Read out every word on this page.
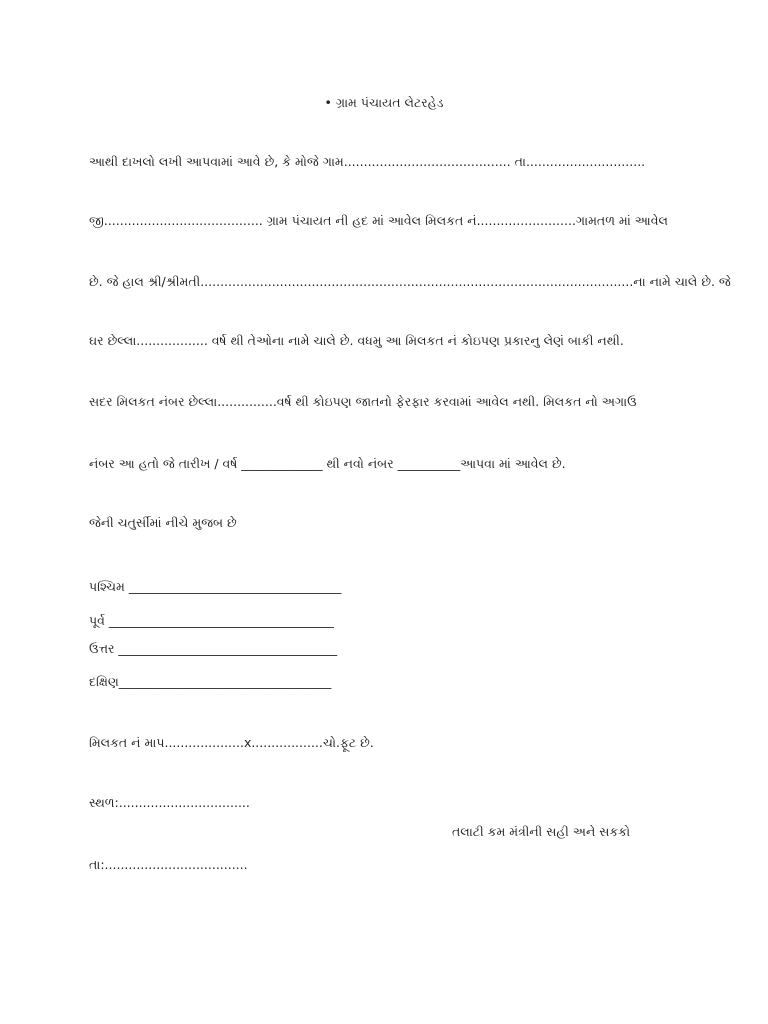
• ગ્રામ પંચાયત લેટરહેડ
આથી દાખલો લખી આપવામાં આવે છે, કે મોજે ગામ.......................................... તા..............................
જી........................................ ગ્રામ પંચાયત ની હદ માં આવેલ મિલકત નં.........................ગામતળ માં આવેલ
છે. જે હાલ શ્રી/શ્રીમતી.............................................................................................................ના નામે ચાલે છે. જે
ઘર છેલ્લા.................. વર્ષ થી તેઓના નામે ચાલે છે. વધમુ આ મિલકત નં કોઇપણ પ્રકારનુ લેણં બાકી નથી.
સદર મિલકત નંબર છેલ્લા...............વર્ષ થી કોઇપણ જાતનો ફેરફાર કરવામાં આવેલ નથી. મિલકત નો અગાઉ
નંબર આ હતો જે તારીખ / વર્ષ _____________ થી નવો નંબર __________આપવા માં આવેલ છે.
જેની ચતુર્સીમાં નીચે મુજબ છે
પશ્ચિમ __________________________________
પૂર્વ ____________________________________
ઉત્તર ___________________________________
દક્ષિણ__________________________________
મિલકત નં માપ....................x..................ચો.ફૂટ છે.
સ્થળ:.................................
તલાટી કમ મંત્રીની સહી અને સકકો
તા:....................................
